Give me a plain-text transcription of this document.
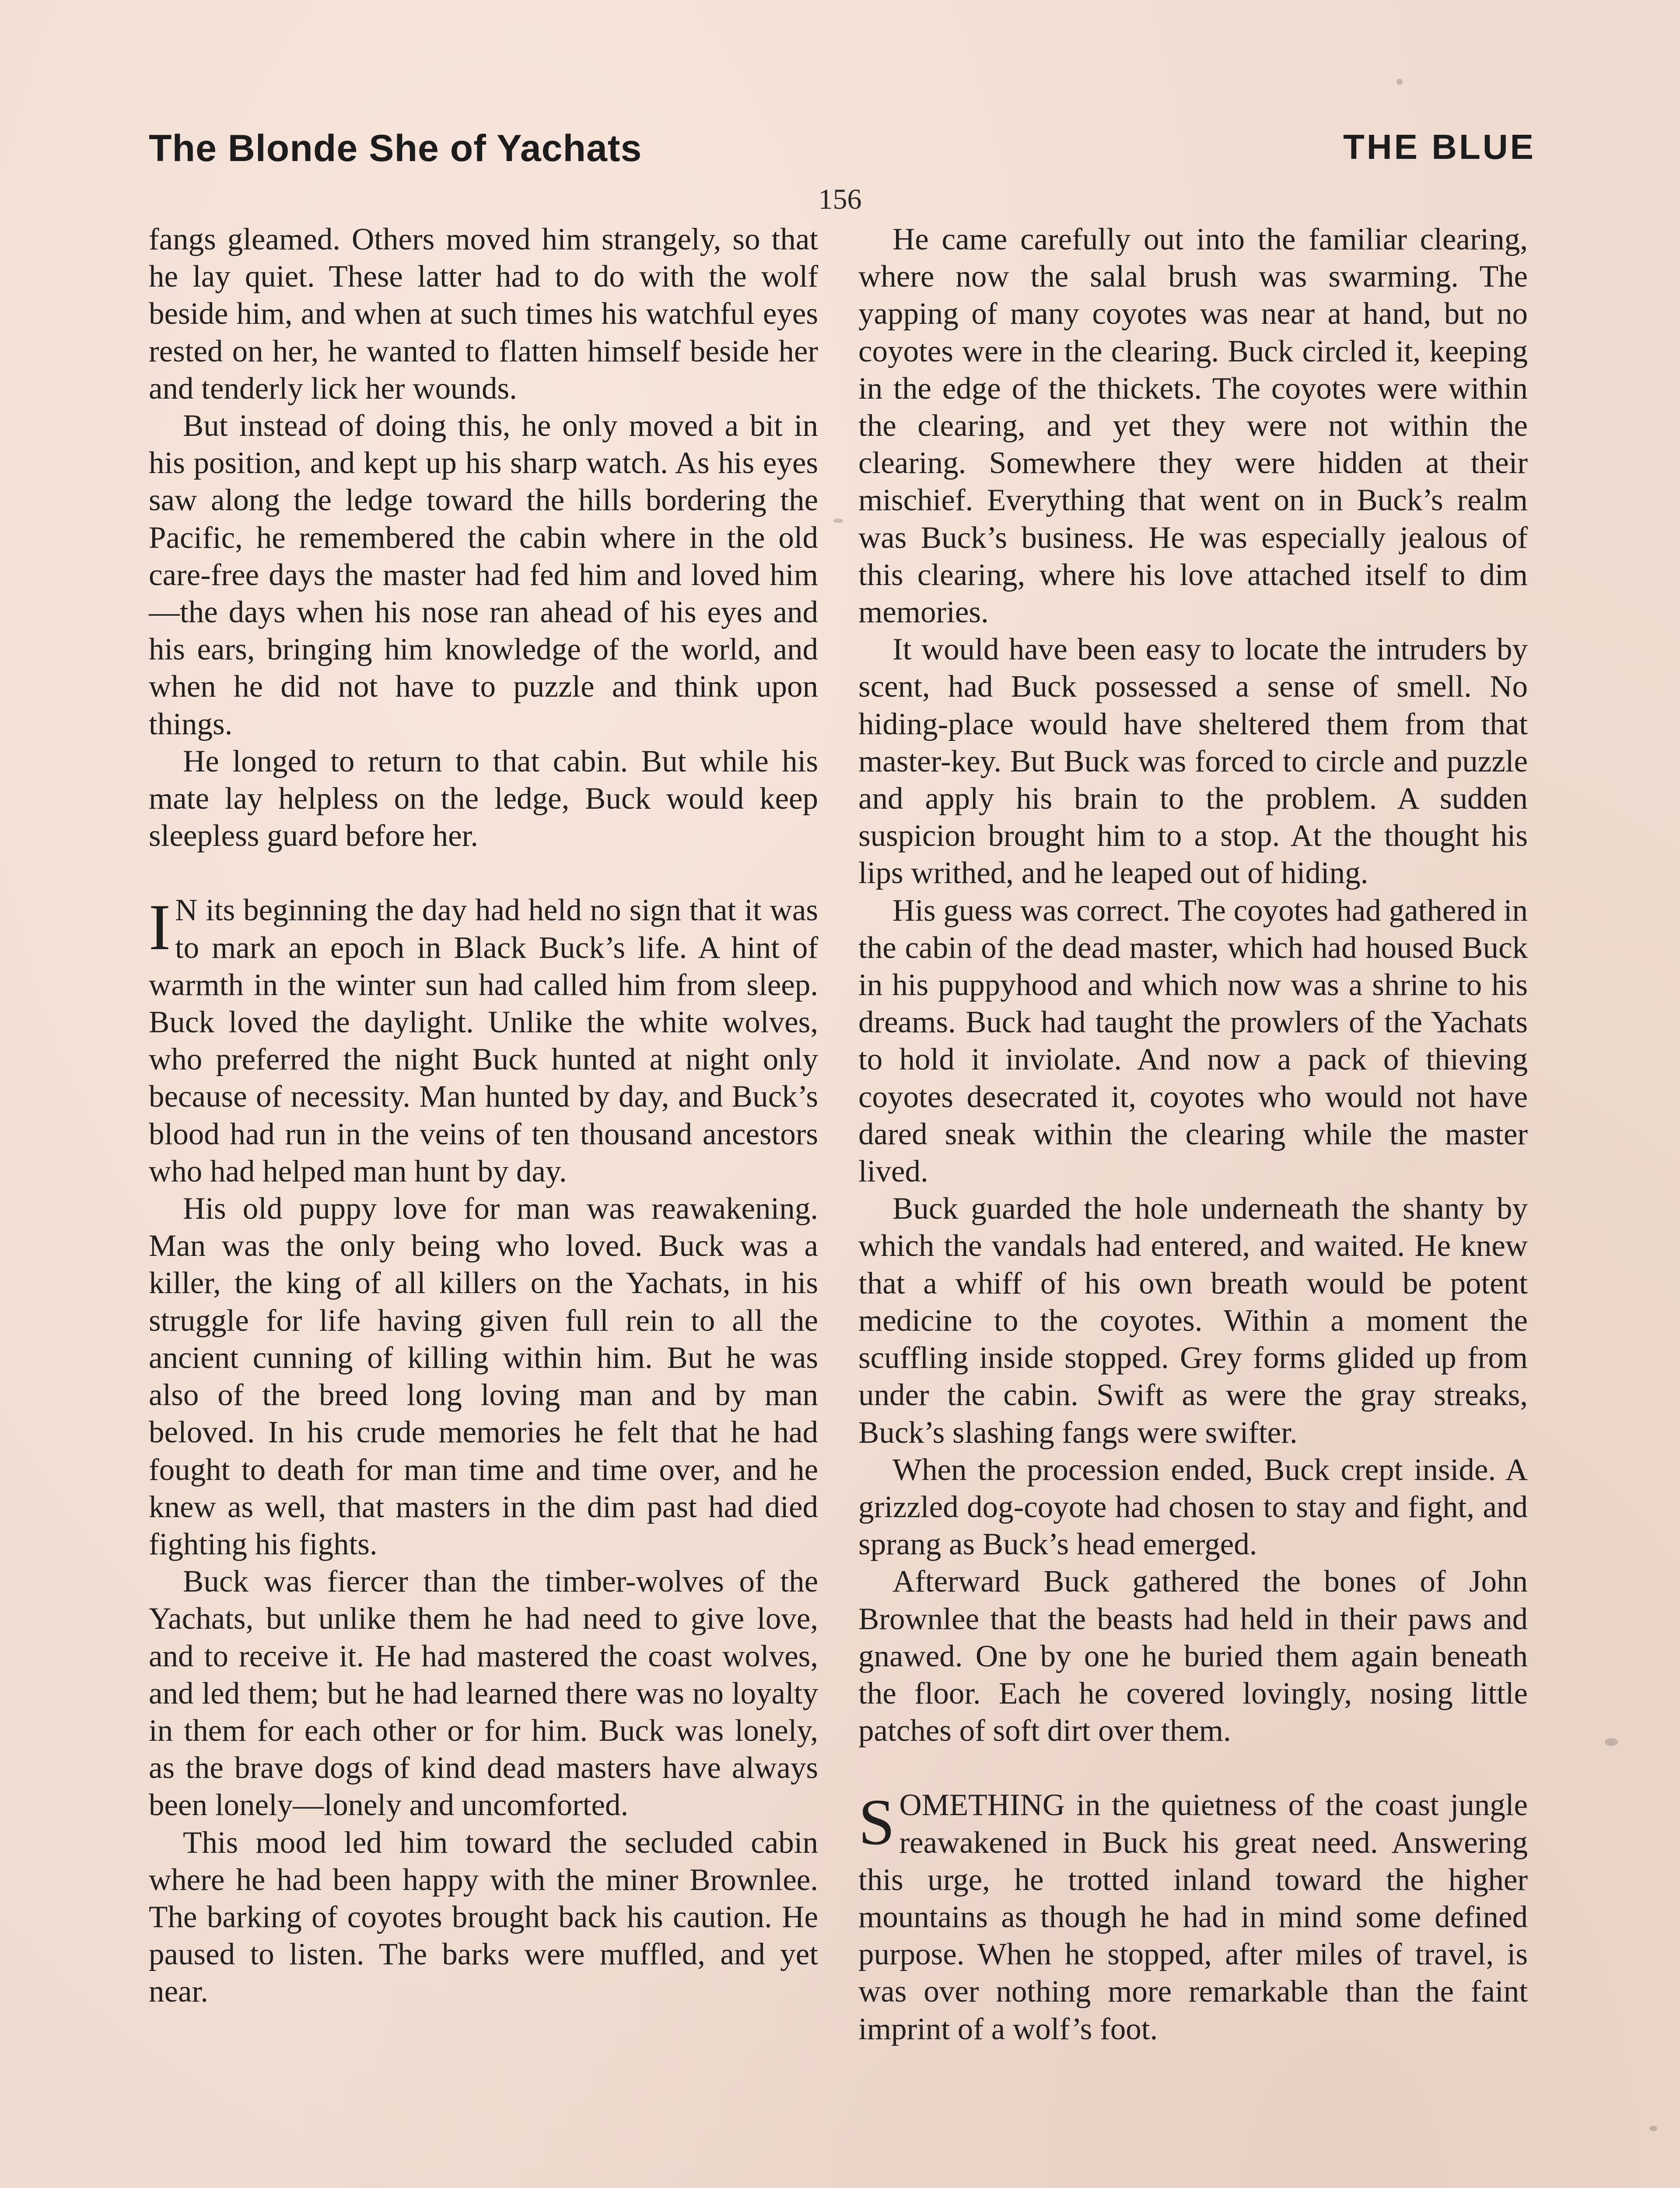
The Blonde She of Yachats	THE BLUE
156

fangs gleamed. Others moved him strangely, so that he lay quiet. These latter had to do with the wolf beside him, and when at such times his watchful eyes rested on her, he wanted to flatten himself beside her and tenderly lick her wounds.

But instead of doing this, he only moved a bit in his position, and kept up his sharp watch. As his eyes saw along the ledge toward the hills bordering the Pacific, he remembered the cabin where in the old care-free days the master had fed him and loved him—the days when his nose ran ahead of his eyes and his ears, bringing him knowledge of the world, and when he did not have to puzzle and think upon things.

He longed to return to that cabin. But while his mate lay helpless on the ledge, Buck would keep sleepless guard before her.

I N its beginning the day had held no sign that it was to mark an epoch in Black Buck’s life. A hint of warmth in the winter sun had called him from sleep. Buck loved the daylight. Unlike the white wolves, who preferred the night Buck hunted at night only because of necessity. Man hunted by day, and Buck’s blood had run in the veins of ten thousand ancestors who had helped man hunt by day.

His old puppy love for man was reawakening. Man was the only being who loved. Buck was a killer, the king of all killers on the Yachats, in his struggle for life having given full rein to all the ancient cunning of killing within him. But he was also of the breed long loving man and by man beloved. In his crude memories he felt that he had fought to death for man time and time over, and he knew as well, that masters in the dim past had died fighting his fights.

Buck was fiercer than the timber-wolves of the Yachats, but unlike them he had need to give love, and to receive it. He had mastered the coast wolves, and led them; but he had learned there was no loyalty in them for each other or for him. Buck was lonely, as the brave dogs of kind dead masters have always been lonely—lonely and uncomforted.

This mood led him toward the secluded cabin where he had been happy with the miner Brownlee. The barking of coyotes brought back his caution. He paused to listen. The barks were muffled, and yet near.

He came carefully out into the familiar clearing, where now the salal brush was swarming. The yapping of many coyotes was near at hand, but no coyotes were in the clearing. Buck circled it, keeping in the edge of the thickets. The coyotes were within the clearing, and yet they were not within the clearing. Somewhere they were hidden at their mischief. Everything that went on in Buck’s realm was Buck’s business. He was especially jealous of this clearing, where his love attached itself to dim memories.

It would have been easy to locate the intruders by scent, had Buck possessed a sense of smell. No hiding-place would have sheltered them from that master-key. But Buck was forced to circle and puzzle and apply his brain to the problem. A sudden suspicion brought him to a stop. At the thought his lips writhed, and he leaped out of hiding.

His guess was correct. The coyotes had gathered in the cabin of the dead master, which had housed Buck in his puppyhood and which now was a shrine to his dreams. Buck had taught the prowlers of the Yachats to hold it inviolate. And now a pack of thieving coyotes desecrated it, coyotes who would not have dared sneak within the clearing while the master lived.

Buck guarded the hole underneath the shanty by which the vandals had entered, and waited. He knew that a whiff of his own breath would be potent medicine to the coyotes. Within a moment the scuffling inside stopped. Grey forms glided up from under the cabin. Swift as were the gray streaks, Buck’s slashing fangs were swifter.

When the procession ended, Buck crept inside. A grizzled dog-coyote had chosen to stay and fight, and sprang as Buck’s head emerged.

Afterward Buck gathered the bones of John Brownlee that the beasts had held in their paws and gnawed. One by one he buried them again beneath the floor. Each he covered lovingly, nosing little patches of soft dirt over them.

SOMETHING in the quietness of the coast jungle reawakened in Buck his great need. Answering this urge, he trotted inland toward the higher mountains as though he had in mind some defined purpose. When he stopped, after miles of travel, is was over nothing more remarkable than the faint imprint of a wolf’s foot.
